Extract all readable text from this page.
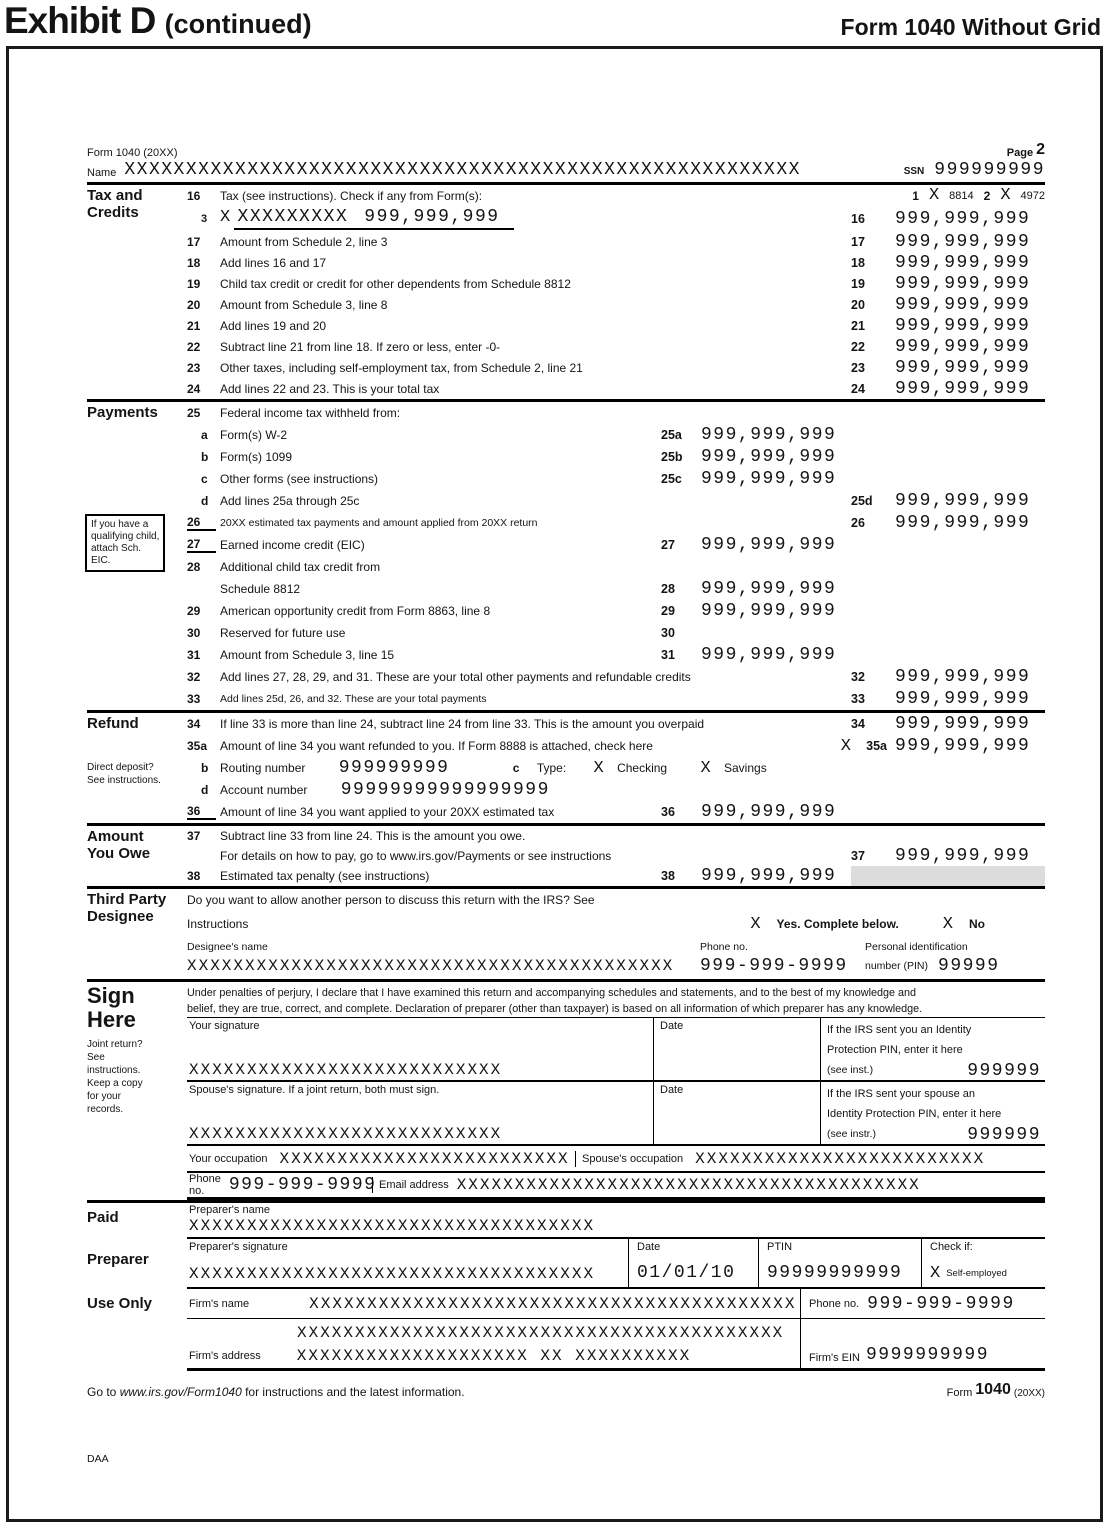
Exhibit D (continued)	Form 1040 Without Grid
Form 1040 (20XX)	Page 2
Name XXXXXXXXXXXXXXXXXXXXXXXXXXXXXXXXXXXXXXXXXXXXXXXXXXXXXXX	SSN 999999999
Tax and
Credits
16	Tax (see instructions). Check if any from Form(s):	1 X 8814 2 X 4972
3 X XXXXXXXXX 999,999,999	16	999,999,999
17	Amount from Schedule 2, line 3	17	999,999,999
18	Add lines 16 and 17	18	999,999,999
19	Child tax credit or credit for other dependents from Schedule 8812	19	999,999,999
20	Amount from Schedule 3, line 8	20	999,999,999
21	Add lines 19 and 20	21	999,999,999
22	Subtract line 21 from line 18. If zero or less, enter -0-	22	999,999,999
23	Other taxes, including self-employment tax, from Schedule 2, line 21	23	999,999,999
24	Add lines 22 and 23. This is your total tax	24	999,999,999
Payments
If you have a qualifying child, attach Sch. EIC.
25	Federal income tax withheld from:
a	Form(s) W-2	25a	999,999,999
b Form(s) 1099	25b	999,999,999
c	Other forms (see instructions)	25c	999,999,999
d Add lines 25a through 25c	25d	999,999,999
26	20XX estimated tax payments and amount applied from 20XX return	26	999,999,999
27	Earned income credit (EIC)	27	999,999,999
28	Additional child tax credit from
Schedule 8812	28	999,999,999
29	American opportunity credit from Form 8863, line 8	29	999,999,999
30	Reserved for future use	30
31	Amount from Schedule 3, line 15	31	999,999,999
32	Add lines 27, 28, 29, and 31. These are your total other payments and refundable credits	32	999,999,999
33	Add lines 25d, 26, and 32. These are your total payments	33	999,999,999
Refund
Direct deposit?
See instructions.
34	If line 33 is more than line 24, subtract line 24 from line 33. This is the amount you overpaid	34	999,999,999
35a	Amount of line 34 you want refunded to you. If Form 8888 is attached, check here	X	35a 999,999,999
b Routing number 999999999	c Type: X Checking X Savings
d Account number 99999999999999999
36	Amount of line 34 you want applied to your 20XX estimated tax	36	999,999,999
Amount
You Owe
37	Subtract line 33 from line 24. This is the amount you owe.
For details on how to pay, go to www.irs.gov/Payments or see instructions	37	999,999,999
38	Estimated tax penalty (see instructions)	38	999,999,999
Third Party
Designee
Do you want to allow another person to discuss this return with the IRS? See
Instructions	X Yes. Complete below.	X No
Designee's name	Phone no.	Personal identification
XXXXXXXXXXXXXXXXXXXXXXXXXXXXXXXXXXXXXXXXXX	999-999-9999	number (PIN) 99999
Sign
Here
Joint return? See instructions. Keep a copy for your records.
Under penalties of perjury, I declare that I have examined this return and accompanying schedules and statements, and to the best of my knowledge and
belief, they are true, correct, and complete. Declaration of preparer (other than taxpayer) is based on all information of which preparer has any knowledge.
Your signature
XXXXXXXXXXXXXXXXXXXXXXXXXXX
Date	If the IRS sent you an Identity
Protection PIN, enter it here
(see inst.)	999999
Spouse's signature. If a joint return, both must sign.
XXXXXXXXXXXXXXXXXXXXXXXXXXX
Date	If the IRS sent your spouse an
Identity Protection PIN, enter it here
(see instr.)	999999
Your occupation XXXXXXXXXXXXXXXXXXXXXXXXX Spouse's occupation XXXXXXXXXXXXXXXXXXXXXXXXX
Phone no.	999-999-9999 Email address XXXXXXXXXXXXXXXXXXXXXXXXXXXXXXXXXXXXXXXX
Paid
Preparer
Use Only
Preparer's name
XXXXXXXXXXXXXXXXXXXXXXXXXXXXXXXXXXX
Preparer's signature
XXXXXXXXXXXXXXXXXXXXXXXXXXXXXXXXXXX
Date
01/01/10
PTIN
99999999999
Check if:
X Self-employed
Firm's name	XXXXXXXXXXXXXXXXXXXXXXXXXXXXXXXXXXXXXXXXXX Phone no. 999-999-9999
XXXXXXXXXXXXXXXXXXXXXXXXXXXXXXXXXXXXXXXXXX
Firm's address XXXXXXXXXXXXXXXXXXXX XX XXXXXXXXXX	Firm's EIN 9999999999
Go to www.irs.gov/Form1040 for instructions and the latest information.	Form 1040 (20XX)
DAA
